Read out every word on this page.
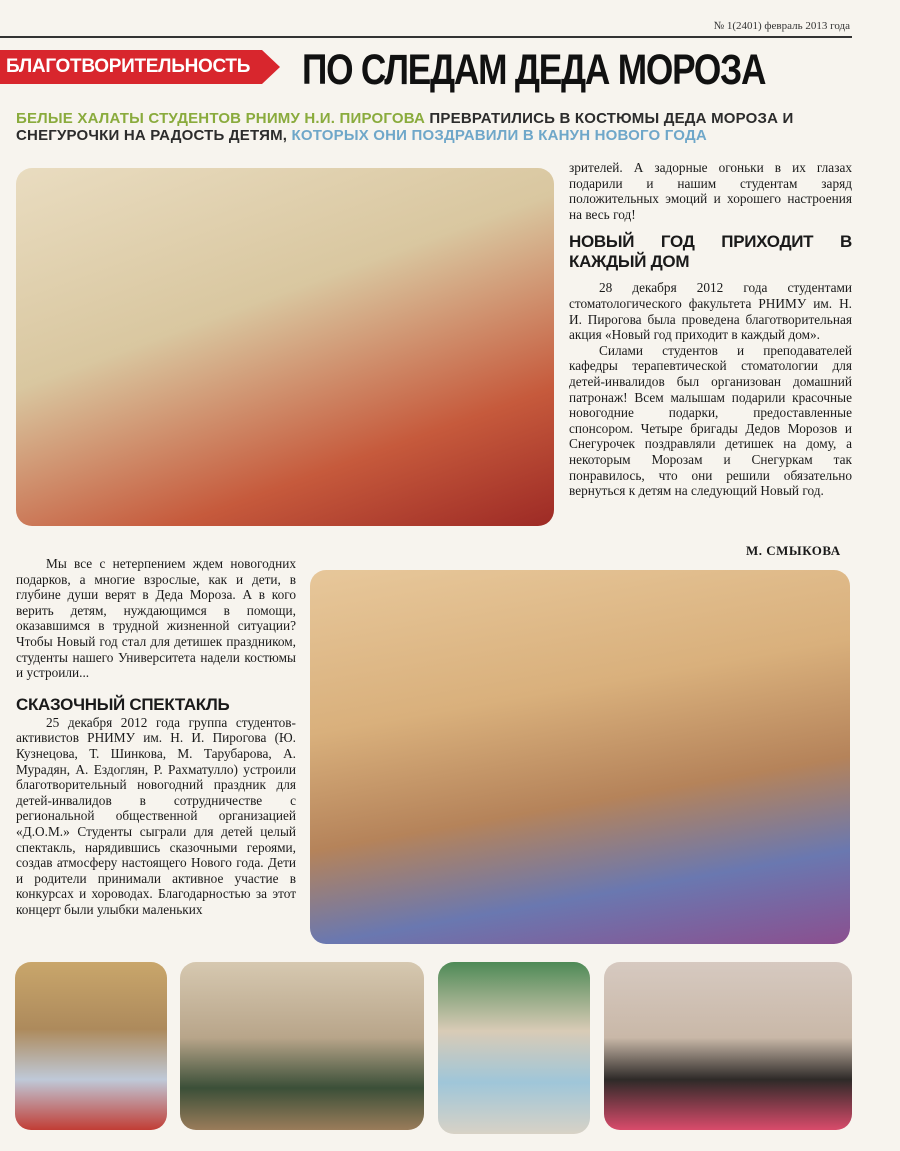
№ 1(2401) февраль 2013 года
БЛАГОТВОРИТЕЛЬНОСТЬ ПО СЛЕДАМ ДЕДА МОРОЗА
БЕЛЫЕ ХАЛАТЫ СТУДЕНТОВ РНИМУ Н.И. ПИРОГОВА ПРЕВРАТИЛИСЬ В КОСТЮМЫ ДЕДА МОРОЗА И СНЕГУРОЧКИ НА РАДОСТЬ ДЕТЯМ, КОТОРЫХ ОНИ ПОЗДРАВИЛИ В КАНУН НОВОГО ГОДА

зрителей. А задорные огоньки в их глазах подарили и нашим студентам заряд положительных эмоций и хорошего настроения на весь год!

НОВЫЙ ГОД ПРИХОДИТ В КАЖДЫЙ ДОМ

28 декабря 2012 года студентами стоматологического факультета РНИМУ им. Н. И. Пирогова была проведена благотворительная акция «Новый год приходит в каждый дом».

Силами студентов и преподавателей кафедры терапевтической стоматологии для детей-инвалидов был организован домашний патронаж! Всем малышам подарили красочные новогодние подарки, предоставленные спонсором. Четыре бригады Дедов Морозов и Снегурочек поздравляли детишек на дому, а некоторым Морозам и Снегуркам так понравилось, что они решили обязательно вернуться к детям на следующий Новый год.

М. СМЫКОВА

Мы все с нетерпением ждем новогодних подарков, а многие взрослые, как и дети, в глубине души верят в Деда Мороза. А в кого верить детям, нуждающимся в помощи, оказавшимся в трудной жизненной ситуации? Чтобы Новый год стал для детишек праздником, студенты нашего Университета надели костюмы и устроили...

СКАЗОЧНЫЙ СПЕКТАКЛЬ

25 декабря 2012 года группа студентов-активистов РНИМУ им. Н. И. Пирогова (Ю. Кузнецова, Т. Шинкова, М. Тарубарова, А. Мурадян, А. Ездоглян, Р. Рахматулло) устроили благотворительный новогодний праздник для детей-инвалидов в сотрудничестве с региональной общественной организацией «Д.О.М.» Студенты сыграли для детей целый спектакль, нарядившись сказочными героями, создав атмосферу настоящего Нового года. Дети и родители принимали активное участие в конкурсах и хороводах. Благодарностью за этот концерт были улыбки маленьких
